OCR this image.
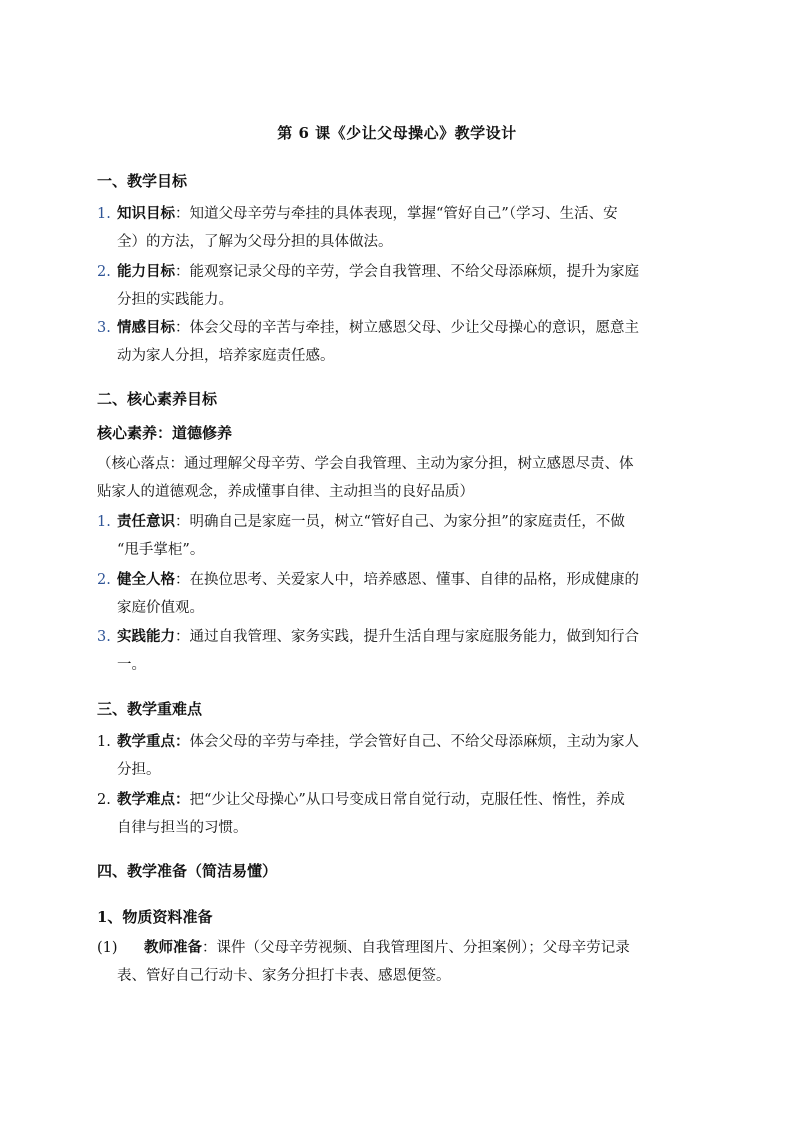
第 6 课《少让父母操心》教学设计
一、教学目标
1. 知识目标：知道父母辛劳与牵挂的具体表现，掌握“管好自己”（学习、生活、安
全）的方法，了解为父母分担的具体做法。
2. 能力目标：能观察记录父母的辛劳，学会自我管理、不给父母添麻烦，提升为家庭
分担的实践能力。
3. 情感目标：体会父母的辛苦与牵挂，树立感恩父母、少让父母操心的意识，愿意主
动为家人分担，培养家庭责任感。
二、核心素养目标
核心素养：道德修养
（核心落点：通过理解父母辛劳、学会自我管理、主动为家分担，树立感恩尽责、体
贴家人的道德观念，养成懂事自律、主动担当的良好品质）
1. 责任意识：明确自己是家庭一员，树立“管好自己、为家分担”的家庭责任，不做
“甩手掌柜”。
2. 健全人格：在换位思考、关爱家人中，培养感恩、懂事、自律的品格，形成健康的
家庭价值观。
3. 实践能力：通过自我管理、家务实践，提升生活自理与家庭服务能力，做到知行合
一。
三、教学重难点
1. 教学重点：体会父母的辛劳与牵挂，学会管好自己、不给父母添麻烦，主动为家人
分担。
2. 教学难点：把“少让父母操心”从口号变成日常自觉行动，克服任性、惰性，养成
自律与担当的习惯。
四、教学准备（简洁易懂）
1、物质资料准备
(1) 教师准备：课件（父母辛劳视频、自我管理图片、分担案例）；父母辛劳记录
表、管好自己行动卡、家务分担打卡表、感恩便签。
